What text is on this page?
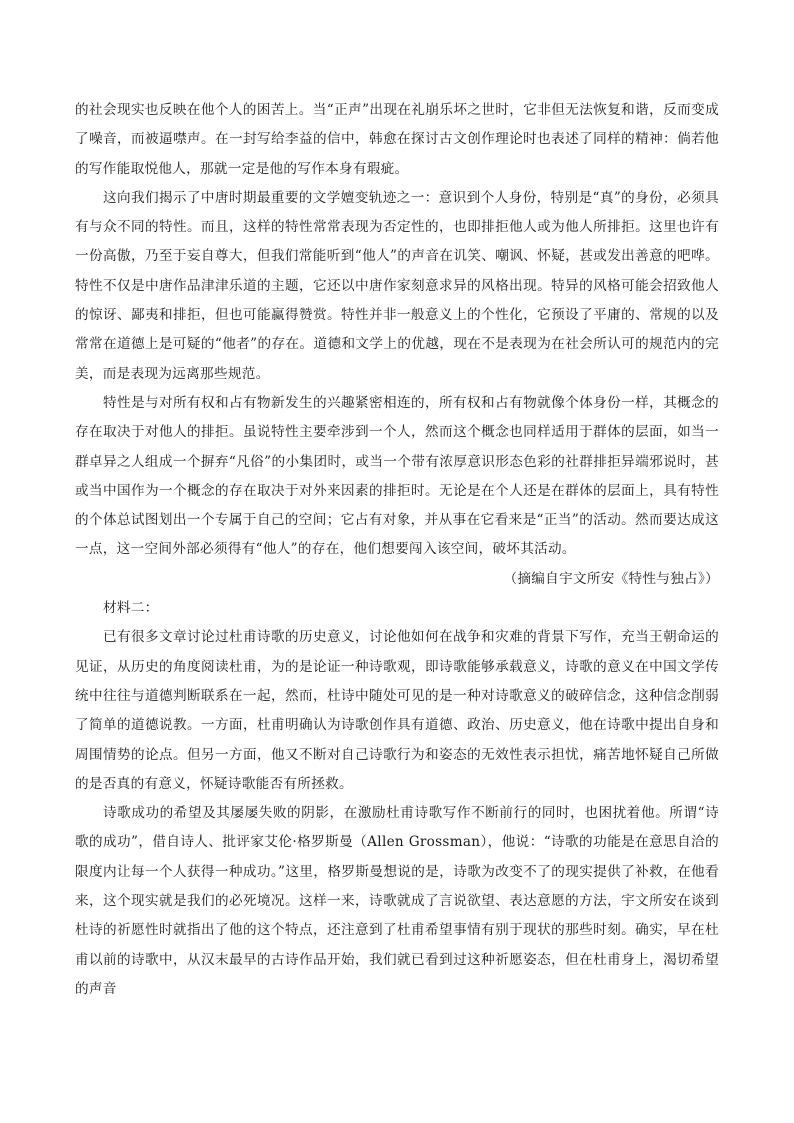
的社会现实也反映在他个人的困苦上。当“正声”出现在礼崩乐坏之世时，它非但无法恢复和谐，反而变成了噪音，而被逼噤声。在一封写给李益的信中，韩愈在探讨古文创作理论时也表述了同样的精神：倘若他的写作能取悦他人，那就一定是他的写作本身有瑕疵。

这向我们揭示了中唐时期最重要的文学嬗变轨迹之一：意识到个人身份，特别是“真”的身份，必须具有与众不同的特性。而且，这样的特性常常表现为否定性的，也即排拒他人或为他人所排拒。这里也许有一份高傲，乃至于妄自尊大，但我们常能听到“他人”的声音在讥笑、嘲讽、怀疑，甚或发出善意的吧哗。特性不仅是中唐作品津津乐道的主题，它还以中唐作家刻意求异的风格出现。特异的风格可能会招致他人的惊讶、鄙夷和排拒，但也可能赢得赞赏。特性并非一般意义上的个性化，它预设了平庸的、常规的以及常常在道德上是可疑的“他者”的存在。道德和文学上的优越，现在不是表现为在社会所认可的规范内的完美，而是表现为远离那些规范。

特性是与对所有权和占有物新发生的兴趣紧密相连的，所有权和占有物就像个体身份一样，其概念的存在取决于对他人的排拒。虽说特性主要牵涉到一个人，然而这个概念也同样适用于群体的层面，如当一群卓异之人组成一个摒弃“凡俗”的小集团时，或当一个带有浓厚意识形态色彩的社群排拒异端邪说时，甚或当中国作为一个概念的存在取决于对外来因素的排拒时。无论是在个人还是在群体的层面上，具有特性的个体总试图划出一个专属于自己的空间；它占有对象，并从事在它看来是“正当”的活动。然而要达成这一点，这一空间外部必须得有“他人”的存在，他们想要闯入该空间，破坏其活动。

（摘编自宇文所安《特性与独占》）

材料二：

已有很多文章讨论过杜甫诗歌的历史意义，讨论他如何在战争和灾难的背景下写作，充当王朝命运的见证，从历史的角度阅读杜甫，为的是论证一种诗歌观，即诗歌能够承载意义，诗歌的意义在中国文学传统中往往与道德判断联系在一起，然而，杜诗中随处可见的是一种对诗歌意义的破碎信念，这种信念削弱了简单的道德说教。一方面，杜甫明确认为诗歌创作具有道德、政治、历史意义，他在诗歌中提出自身和周围情势的论点。但另一方面，他又不断对自己诗歌行为和姿态的无效性表示担忧，痛苦地怀疑自己所做的是否真的有意义，怀疑诗歌能否有所拯救。

诗歌成功的希望及其屡屡失败的阴影，在激励杜甫诗歌写作不断前行的同时，也困扰着他。所谓“诗歌的成功”，借自诗人、批评家艾伦·格罗斯曼（Allen Grossman），他说：“诗歌的功能是在意思自洽的限度内让每一个人获得一种成功。”这里，格罗斯曼想说的是，诗歌为改变不了的现实提供了补救，在他看来，这个现实就是我们的必死境况。这样一来，诗歌就成了言说欲望、表达意愿的方法，宇文所安在谈到杜诗的祈愿性时就指出了他的这个特点，还注意到了杜甫希望事情有别于现状的那些时刻。确实，早在杜甫以前的诗歌中，从汉末最早的古诗作品开始，我们就已看到过这种祈愿姿态，但在杜甫身上，渴切希望的声音
